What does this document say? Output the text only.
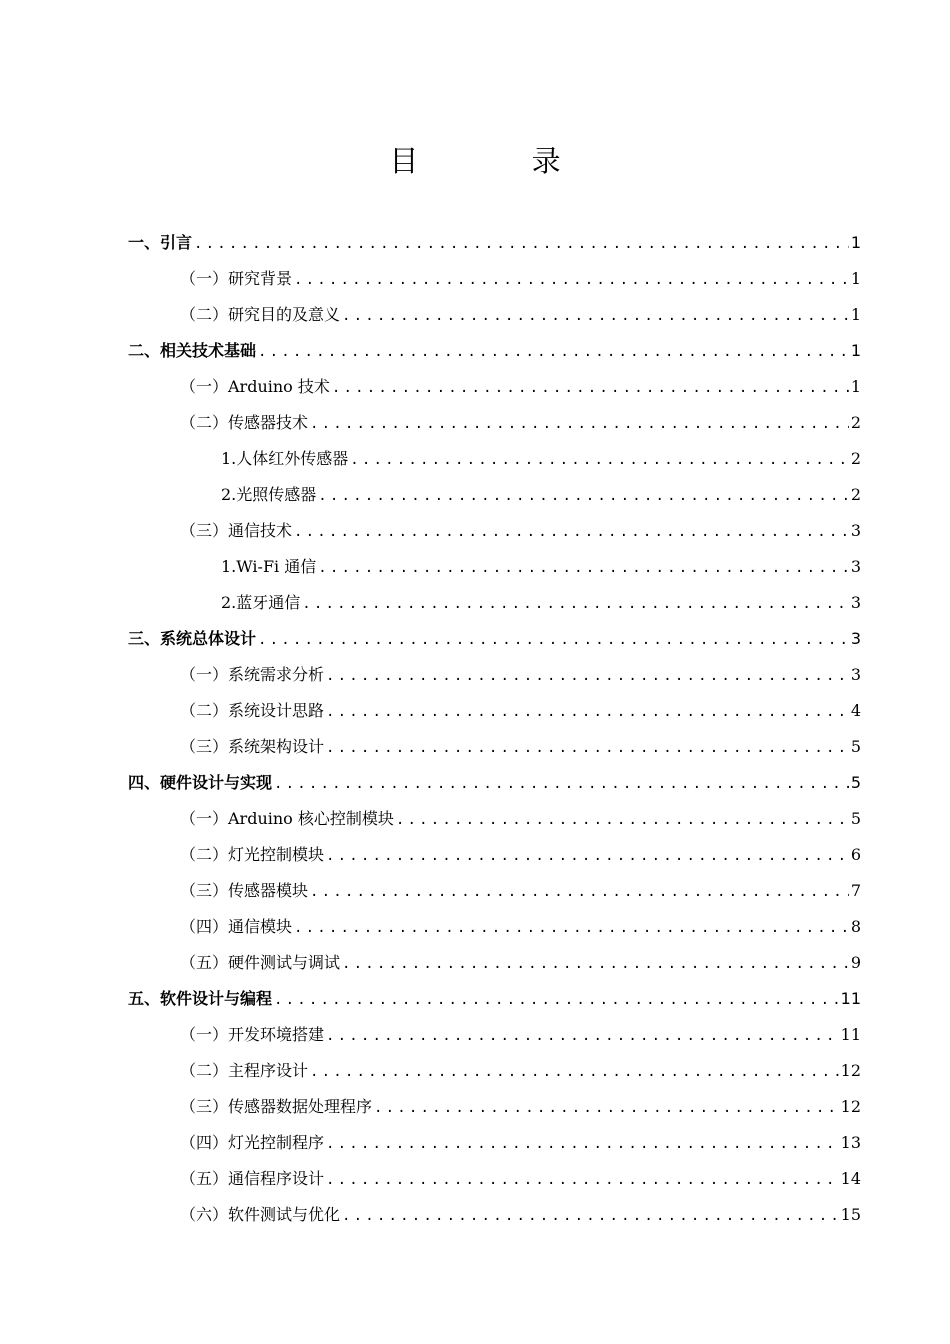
目 录
一、引言 .....	1
（一）研究背景 .....	1
（二）研究目的及意义 .....	1
二、相关技术基础 .....	1
（一）Arduino 技术 .....	1
（二）传感器技术 .....	2
1.人体红外传感器 .....	2
2.光照传感器 .....	2
（三）通信技术 .....	3
1.Wi-Fi 通信 .....	3
2.蓝牙通信 .....	3
三、系统总体设计 .....	3
（一）系统需求分析 .....	3
（二）系统设计思路 .....	4
（三）系统架构设计 .....	5
四、硬件设计与实现 .....	5
（一）Arduino 核心控制模块 .....	5
（二）灯光控制模块 .....	6
（三）传感器模块 .....	7
（四）通信模块 .....	8
（五）硬件测试与调试 .....	9
五、软件设计与编程 .....	11
（一）开发环境搭建 .....	11
（二）主程序设计 .....	12
（三）传感器数据处理程序 .....	12
（四）灯光控制程序 .....	13
（五）通信程序设计 .....	14
（六）软件测试与优化 .....	15
